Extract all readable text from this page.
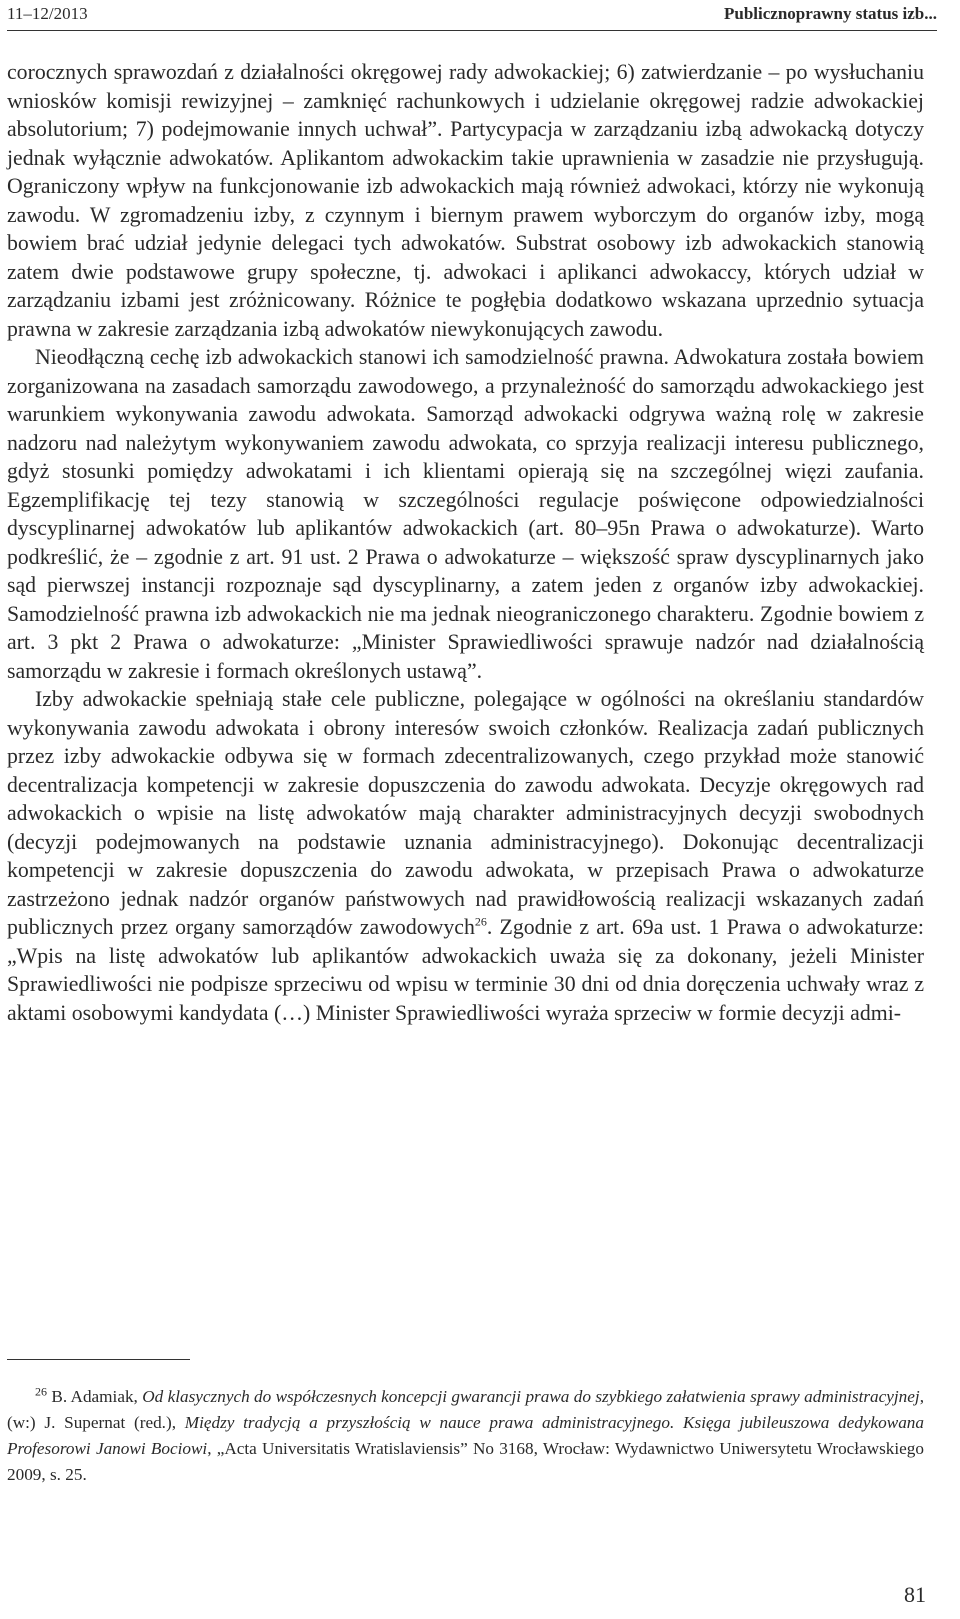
11–12/2013	Publicznoprawny status izb...

corocznych sprawozdań z działalności okręgowej rady adwokackiej; 6) zatwierdzanie – po wysłuchaniu wniosków komisji rewizyjnej – zamknięć rachunkowych i udzielanie okręgowej radzie adwokackiej absolutorium; 7) podejmowanie innych uchwał”. Partycypacja w zarządzaniu izbą adwokacką dotyczy jednak wyłącznie adwokatów. Aplikantom adwokackim takie uprawnienia w zasadzie nie przysługują. Ograniczony wpływ na funkcjonowanie izb adwokackich mają również adwokaci, którzy nie wykonują zawodu. W zgromadzeniu izby, z czynnym i biernym prawem wyborczym do organów izby, mogą bowiem brać udział jedynie delegaci tych adwokatów. Substrat osobowy izb adwokackich stanowią zatem dwie podstawowe grupy społeczne, tj. adwokaci i aplikanci adwokaccy, których udział w zarządzaniu izbami jest zróżnicowany. Różnice te pogłębia dodatkowo wskazana uprzednio sytuacja prawna w zakresie zarządzania izbą adwokatów niewykonujących zawodu.

Nieodłączną cechę izb adwokackich stanowi ich samodzielność prawna. Adwokatura została bowiem zorganizowana na zasadach samorządu zawodowego, a przynależność do samorządu adwokackiego jest warunkiem wykonywania zawodu adwokata. Samorząd adwokacki odgrywa ważną rolę w zakresie nadzoru nad należytym wykonywaniem zawodu adwokata, co sprzyja realizacji interesu publicznego, gdyż stosunki pomiędzy adwokatami i ich klientami opierają się na szczególnej więzi zaufania. Egzemplifikację tej tezy stanowią w szczególności regulacje poświęcone odpowiedzialności dyscyplinarnej adwokatów lub aplikantów adwokackich (art. 80–95n Prawa o adwokaturze). Warto podkreślić, że – zgodnie z art. 91 ust. 2 Prawa o adwokaturze – większość spraw dyscyplinarnych jako sąd pierwszej instancji rozpoznaje sąd dyscyplinarny, a zatem jeden z organów izby adwokackiej. Samodzielność prawna izb adwokackich nie ma jednak nieograniczonego charakteru. Zgodnie bowiem z art. 3 pkt 2 Prawa o adwokaturze: „Minister Sprawiedliwości sprawuje nadzór nad działalnością samorządu w zakresie i formach określonych ustawą”.

Izby adwokackie spełniają stałe cele publiczne, polegające w ogólności na określaniu standardów wykonywania zawodu adwokata i obrony interesów swoich członków. Realizacja zadań publicznych przez izby adwokackie odbywa się w formach zdecentralizowanych, czego przykład może stanowić decentralizacja kompetencji w zakresie dopuszczenia do zawodu adwokata. Decyzje okręgowych rad adwokackich o wpisie na listę adwokatów mają charakter administracyjnych decyzji swobodnych (decyzji podejmowanych na podstawie uznania administracyjnego). Dokonując decentralizacji kompetencji w zakresie dopuszczenia do zawodu adwokata, w przepisach Prawa o adwokaturze zastrzeżono jednak nadzór organów państwowych nad prawidłowością realizacji wskazanych zadań publicznych przez organy samorządów zawodowych$^{26}$. Zgodnie z art. 69a ust. 1 Prawa o adwokaturze: „Wpis na listę adwokatów lub aplikantów adwokackich uważa się za dokonany, jeżeli Minister Sprawiedliwości nie podpisze sprzeciwu od wpisu w terminie 30 dni od dnia doręczenia uchwały wraz z aktami osobowymi kandydata (…) Minister Sprawiedliwości wyraża sprzeciw w formie decyzji admi-

$^{26}$ B. Adamiak, Od klasycznych do współczesnych koncepcji gwarancji prawa do szybkiego załatwienia sprawy administracyjnej, (w:) J. Supernat (red.), Między tradycją a przyszłością w nauce prawa administracyjnego. Księga jubileuszowa dedykowana Profesorowi Janowi Bociowi, „Acta Universitatis Wratislaviensis” No 3168, Wrocław: Wydawnictwo Uniwersytetu Wrocławskiego 2009, s. 25.
81
